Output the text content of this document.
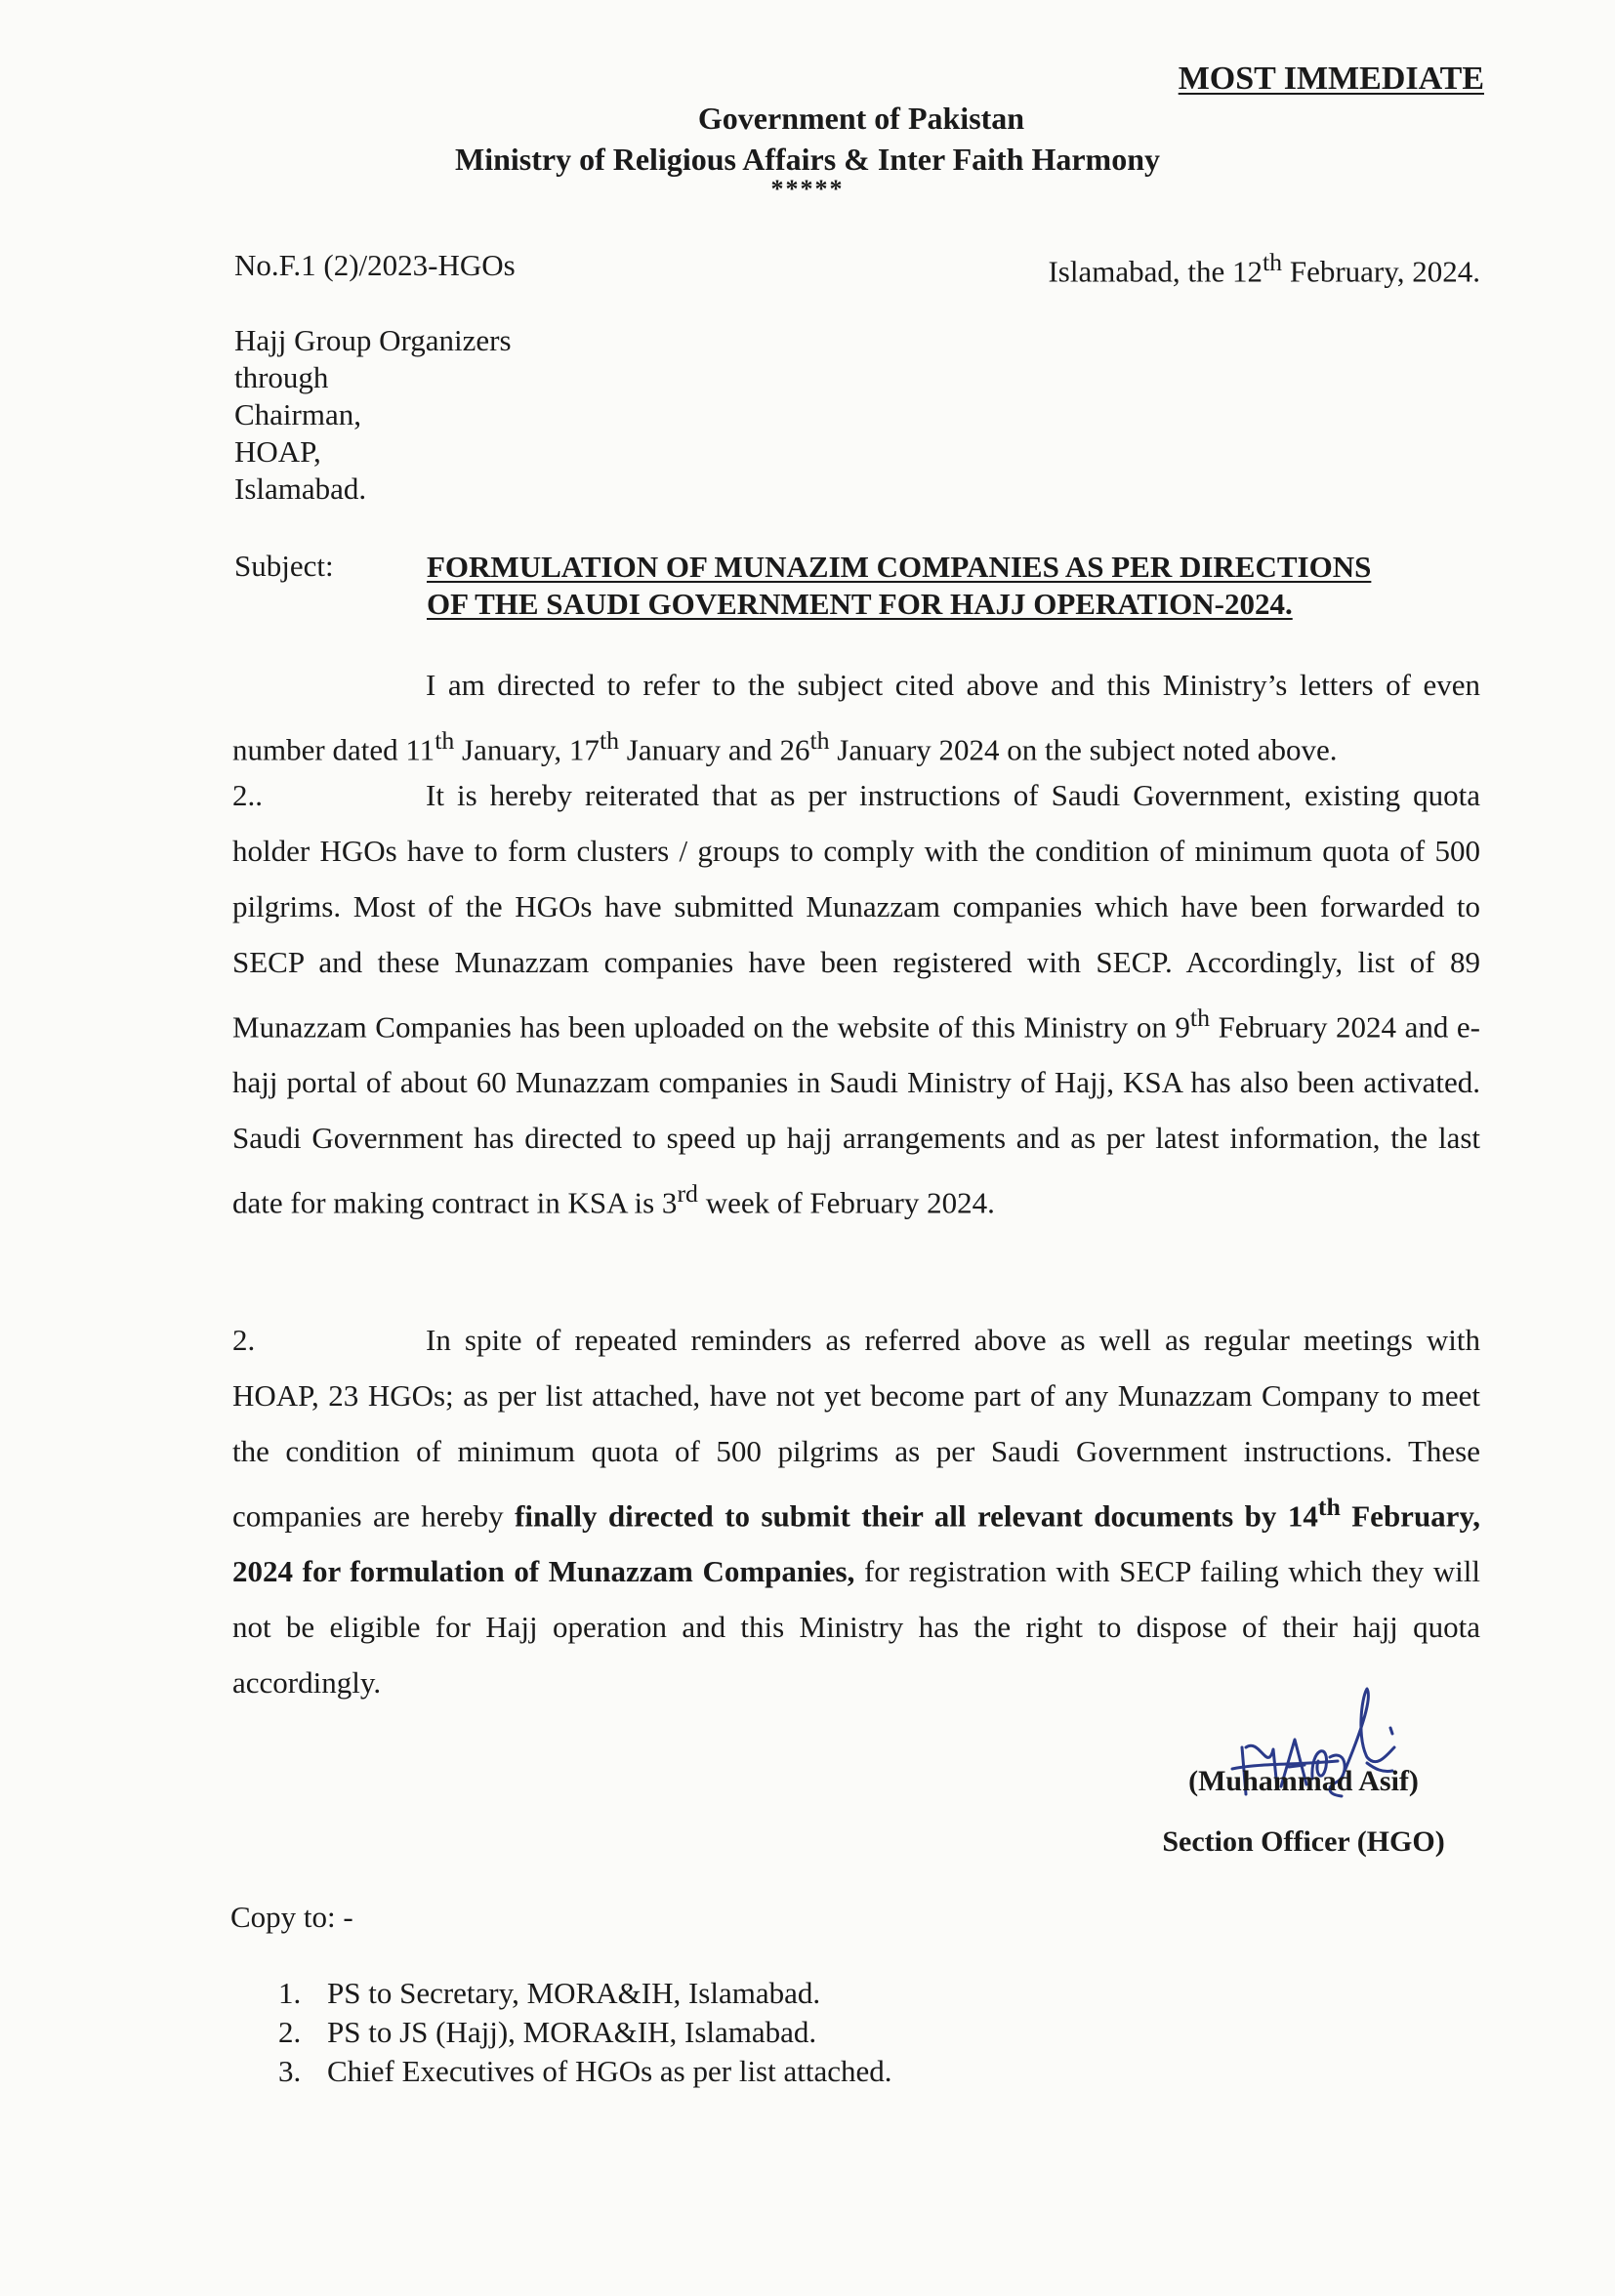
MOST IMMEDIATE
Government of Pakistan
Ministry of Religious Affairs & Inter Faith Harmony
*****
No.F.1 (2)/2023-HGOs	Islamabad, the 12th February, 2024.
Hajj Group Organizers
through
Chairman,
HOAP,
Islamabad.
Subject:	FORMULATION OF MUNAZIM COMPANIES AS PER DIRECTIONS
OF THE SAUDI GOVERNMENT FOR HAJJ OPERATION-2024.
I am directed to refer to the subject cited above and this Ministry’s letters of even number dated 11th January, 17th January and 26th January 2024 on the subject noted above.
2..	It is hereby reiterated that as per instructions of Saudi Government, existing quota holder HGOs have to form clusters / groups to comply with the condition of minimum quota of 500 pilgrims. Most of the HGOs have submitted Munazzam companies which have been forwarded to SECP and these Munazzam companies have been registered with SECP. Accordingly, list of 89 Munazzam Companies has been uploaded on the website of this Ministry on 9th February 2024 and e-hajj portal of about 60 Munazzam companies in Saudi Ministry of Hajj, KSA has also been activated. Saudi Government has directed to speed up hajj arrangements and as per latest information, the last date for making contract in KSA is 3rd week of February 2024.
2.	In spite of repeated reminders as referred above as well as regular meetings with HOAP, 23 HGOs; as per list attached, have not yet become part of any Munazzam Company to meet the condition of minimum quota of 500 pilgrims as per Saudi Government instructions. These companies are hereby finally directed to submit their all relevant documents by 14th February, 2024 for formulation of Munazzam Companies, for registration with SECP failing which they will not be eligible for Hajj operation and this Ministry has the right to dispose of their hajj quota accordingly.
(Muhammad Asif)
Section Officer (HGO)
Copy to: -
1. PS to Secretary, MORA&IH, Islamabad.
2. PS to JS (Hajj), MORA&IH, Islamabad.
3. Chief Executives of HGOs as per list attached.
